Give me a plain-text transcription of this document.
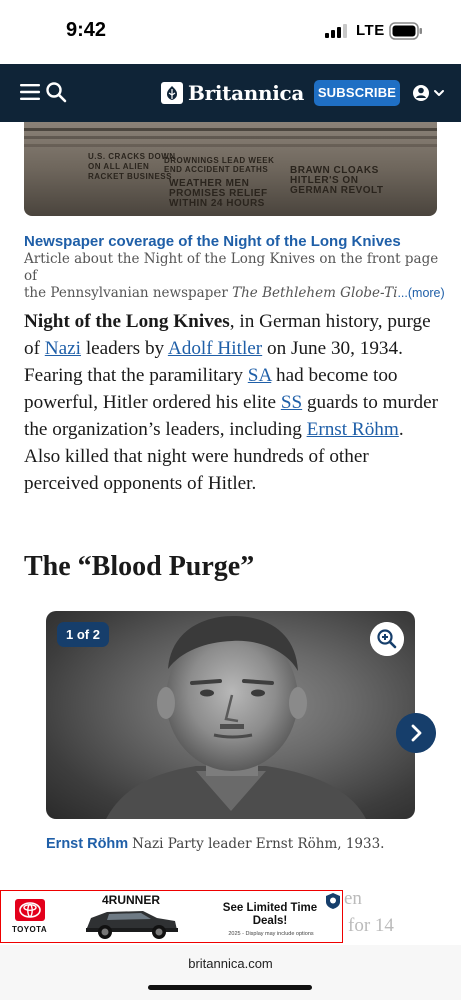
9:42	LTE
Britannica SUBSCRIBE
DROWNINGS LEAD WEEK
END ACCIDENT DEATHS
U.S. CRACKS DOWN
ON ALL ALIEN
RACKET BUSINESS
WEATHER MEN
PROMISES RELIEF
WITHIN 24 HOURS
BRAWN CLOAKS
HITLER'S ON
GERMAN REVOLT
Newspaper coverage of the Night of the Long Knives
Article about the Night of the Long Knives on the front page of
the Pennsylvanian newspaper The Bethlehem Globe-Ti...(more)
Night of the Long Knives, in German history, purge of Nazi leaders by Adolf Hitler on June 30, 1934. Fearing that the paramilitary SA had become too powerful, Hitler ordered his elite SS guards to murder the organization’s leaders, including Ernst Röhm. Also killed that night were hundreds of other perceived opponents of Hitler.
The “Blood Purge”
1 of 2
Ernst Röhm Nazi Party leader Ernst Röhm, 1933.
en
for 14
TOYOTA
4RUNNER
See Limited Time Deals!
2025 - Display may include options
britannica.com
